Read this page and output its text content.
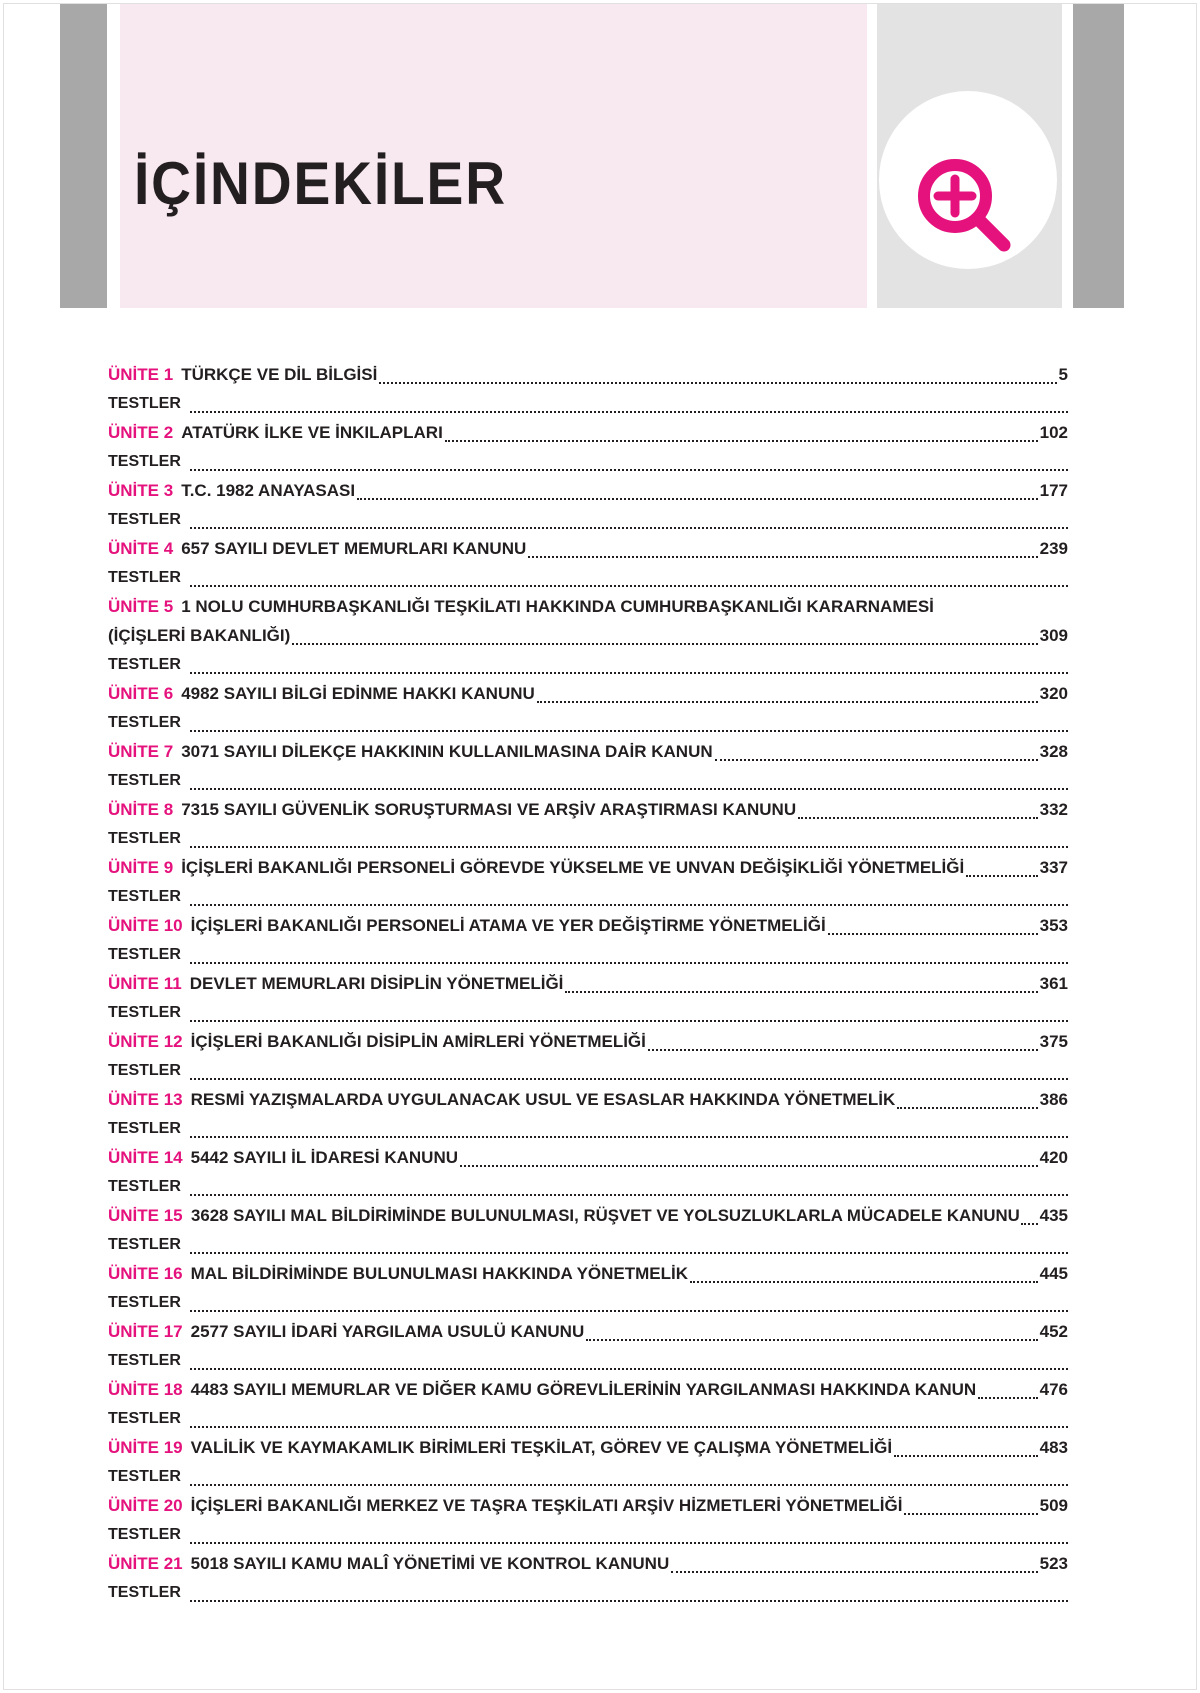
İÇİNDEKİLER
ÜNİTE 1 TÜRKÇE VE DİL BİLGİSİ	5
TESTLER
ÜNİTE 2 ATATÜRK İLKE VE İNKILAPLARI	102
TESTLER
ÜNİTE 3 T.C. 1982 ANAYASASI	177
TESTLER
ÜNİTE 4 657 SAYILI DEVLET MEMURLARI KANUNU	239
TESTLER
ÜNİTE 5 1 NOLU CUMHURBAŞKANLIĞI TEŞKİLATI HAKKINDA CUMHURBAŞKANLIĞI KARARNAMESİ
(İÇİŞLERİ BAKANLIĞI)	309
TESTLER
ÜNİTE 6 4982 SAYILI BİLGİ EDİNME HAKKI KANUNU	320
TESTLER
ÜNİTE 7 3071 SAYILI DİLEKÇE HAKKININ KULLANILMASINA DAİR KANUN	328
TESTLER
ÜNİTE 8 7315 SAYILI GÜVENLİK SORUŞTURMASI VE ARŞİV ARAŞTIRMASI KANUNU	332
TESTLER
ÜNİTE 9 İÇİŞLERİ BAKANLIĞI PERSONELİ GÖREVDE YÜKSELME VE UNVAN DEĞİŞİKLİĞİ YÖNETMELİĞİ	337
TESTLER
ÜNİTE 10 İÇİŞLERİ BAKANLIĞI PERSONELİ ATAMA VE YER DEĞİŞTİRME YÖNETMELİĞİ	353
TESTLER
ÜNİTE 11 DEVLET MEMURLARI DİSİPLİN YÖNETMELİĞİ	361
TESTLER
ÜNİTE 12 İÇİŞLERİ BAKANLIĞI DİSİPLİN AMİRLERİ YÖNETMELİĞİ	375
TESTLER
ÜNİTE 13 RESMİ YAZIŞMALARDA UYGULANACAK USUL VE ESASLAR HAKKINDA YÖNETMELİK	386
TESTLER
ÜNİTE 14 5442 SAYILI İL İDARESİ KANUNU	420
TESTLER
ÜNİTE 15 3628 SAYILI MAL BİLDİRİMİNDE BULUNULMASI, RÜŞVET VE YOLSUZLUKLARLA MÜCADELE KANUNU 435
TESTLER
ÜNİTE 16 MAL BİLDİRİMİNDE BULUNULMASI HAKKINDA YÖNETMELİK	445
TESTLER
ÜNİTE 17 2577 SAYILI İDARİ YARGILAMA USULÜ KANUNU	452
TESTLER
ÜNİTE 18 4483 SAYILI MEMURLAR VE DİĞER KAMU GÖREVLİLERİNİN YARGILANMASI HAKKINDA KANUN	476
TESTLER
ÜNİTE 19 VALİLİK VE KAYMAKAMLIK BİRİMLERİ TEŞKİLAT, GÖREV VE ÇALIŞMA YÖNETMELİĞİ	483
TESTLER
ÜNİTE 20 İÇİŞLERİ BAKANLIĞI MERKEZ VE TAŞRA TEŞKİLATI ARŞİV HİZMETLERİ YÖNETMELİĞİ	509
TESTLER
ÜNİTE 21 5018 SAYILI KAMU MALÎ YÖNETİMİ VE KONTROL KANUNU	523
TESTLER
